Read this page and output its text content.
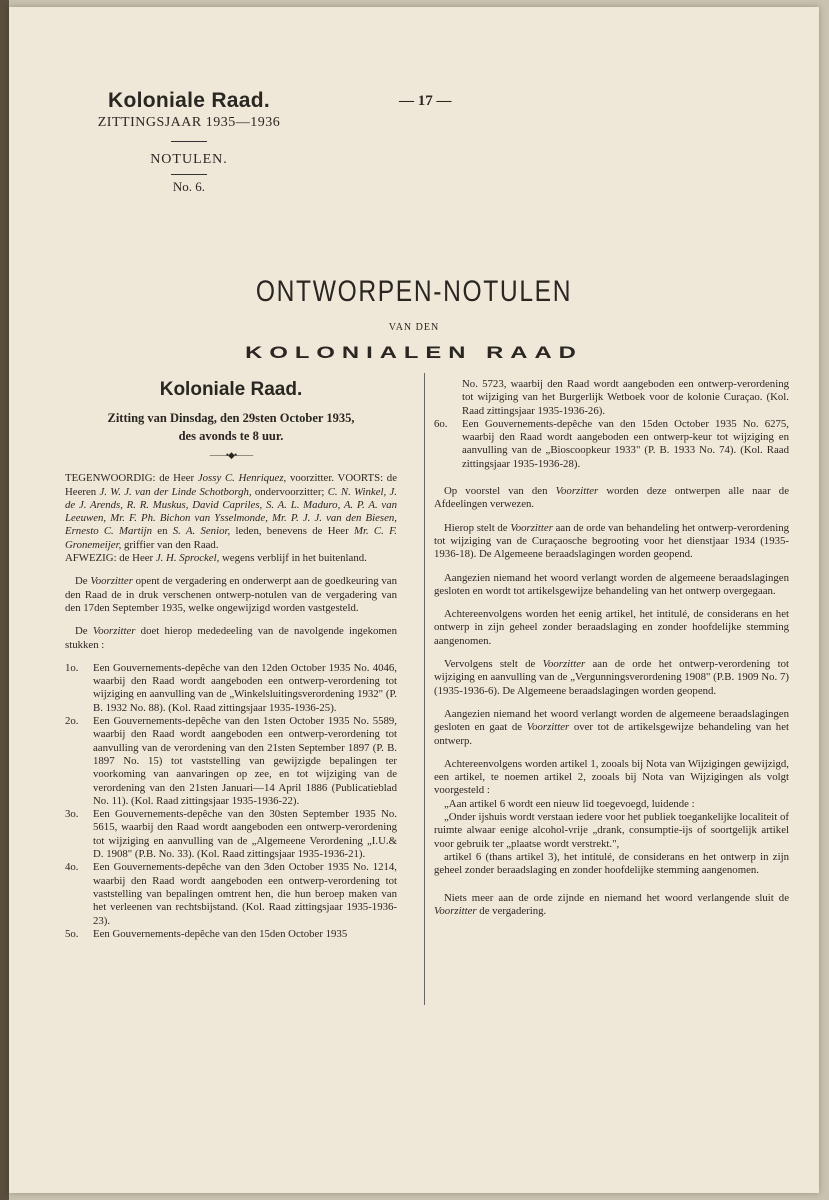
Koloniale Raad.
ZITTINGSJAAR 1935—1936
NOTULEN.
No. 6.
— 17 —
ONTWORPEN-NOTULEN
VAN DEN
KOLONIALEN RAAD
Koloniale Raad.
Zitting van Dinsdag, den 29sten October 1935,
des avonds te 8 uur.
——•◆•——

TEGENWOORDIG: de Heer Jossy C. Henriquez, voorzitter. VOORTS: de Heeren J. W. J. van der Linde Schotborgh, ondervoorzitter; C. N. Winkel, J. de J. Arends, R. R. Muskus, David Capriles, S. A. L. Maduro, A. P. A. van Leeuwen, Mr. F. Ph. Bichon van Ysselmonde, Mr. P. J. J. van den Biesen, Ernesto C. Martijn en S. A. Senior, leden, benevens de Heer Mr. C. F. Gronemeijer, griffier van den Raad.
AFWEZIG: de Heer J. H. Sprockel, wegens verblijf in het buitenland.

De Voorzitter opent de vergadering en onderwerpt aan de goedkeuring van den Raad de in druk verschenen ontwerp-notulen van de vergadering van den 17den September 1935, welke ongewijzigd worden vastgesteld.

De Voorzitter doet hierop mededeeling van de navolgende ingekomen stukken :

1o.	Een Gouvernements-depêche van den 12den October 1935 No. 4046, waarbij den Raad wordt aangeboden een ontwerp-verordening tot wijziging en aanvulling van de „Winkelsluitingsverordening 1932" (P. B. 1932 No. 88). (Kol. Raad zittingsjaar 1935-1936-25).
2o.	Een Gouvernements-depêche van den 1sten October 1935 No. 5589, waarbij den Raad wordt aangeboden een ontwerp-verordening tot aanvulling van de verordening van den 21sten September 1897 (P. B. 1897 No. 15) tot vaststelling van gewijzigde bepalingen ter voorkoming van aanvaringen op zee, en tot wijziging van de verordening van den 21sten Januari—14 April 1886 (Publicatieblad No. 11). (Kol. Raad zittingsjaar 1935-1936-22).
3o.	Een Gouvernements-depêche van den 30sten September 1935 No. 5615, waarbij den Raad wordt aangeboden een ontwerp-verordening tot wijziging en aanvulling van de „Algemeene Verordening „I.U.& D. 1908" (P.B. No. 33). (Kol. Raad zittingsjaar 1935-1936-21).
4o.	Een Gouvernements-depêche van den 3den October 1935 No. 1214, waarbij den Raad wordt aangeboden een ontwerp-verordening tot vaststelling van bepalingen omtrent hen, die hun beroep maken van het verleenen van rechtsbijstand. (Kol. Raad zittingsjaar 1935-1936-23).
5o.	Een Gouvernements-depêche van den 15den October 1935
No. 5723, waarbij den Raad wordt aangeboden een ontwerp-verordening tot wijziging van het Burgerlijk Wetboek voor de kolonie Curaçao. (Kol. Raad zittingsjaar 1935-1936-26).
6o.	Een Gouvernements-depêche van den 15den October 1935 No. 6275, waarbij den Raad wordt aangeboden een ontwerp-keur tot wijziging en aanvulling van de „Bioscoopkeur 1933" (P. B. 1933 No. 74). (Kol. Raad zittingsjaar 1935-1936-28).

Op voorstel van den Voorzitter worden deze ontwerpen alle naar de Afdeelingen verwezen.

Hierop stelt de Voorzitter aan de orde van behandeling het ontwerp-verordening tot wijziging van de Curaçaosche begrooting voor het dienstjaar 1934 (1935-1936-18). De Algemeene beraadslagingen worden geopend.

Aangezien niemand het woord verlangt worden de algemeene beraadslagingen gesloten en wordt tot artikelsgewijze behandeling van het ontwerp overgegaan.

Achtereenvolgens worden het eenig artikel, het intitulé, de considerans en het ontwerp in zijn geheel zonder beraadslaging en zonder hoofdelijke stemming aangenomen.

Vervolgens stelt de Voorzitter aan de orde het ontwerp-verordening tot wijziging en aanvulling van de „Vergunningsverordening 1908" (P.B. 1909 No. 7) (1935-1936-6). De Algemeene beraadslagingen worden geopend.

Aangezien niemand het woord verlangt worden de algemeene beraadslagingen gesloten en gaat de Voorzitter over tot de artikelsgewijze behandeling van het ontwerp.

Achtereenvolgens worden artikel 1, zooals bij Nota van Wijzigingen gewijzigd, een artikel, te noemen artikel 2, zooals bij Nota van Wijzigingen als volgt voorgesteld :

„Aan artikel 6 wordt een nieuw lid toegevoegd, luidende :

„Onder ijshuis wordt verstaan iedere voor het publiek toegankelijke localiteit of ruimte alwaar eenige alcohol-vrije „drank, consumptie-ijs of soortgelijk artikel voor gebruik ter „plaatse wordt verstrekt.",

artikel 6 (thans artikel 3), het intitulé, de considerans en het ontwerp in zijn geheel zonder beraadslaging en zonder hoofdelijke stemming aangenomen.

Niets meer aan de orde zijnde en niemand het woord verlangende sluit de Voorzitter de vergadering.
